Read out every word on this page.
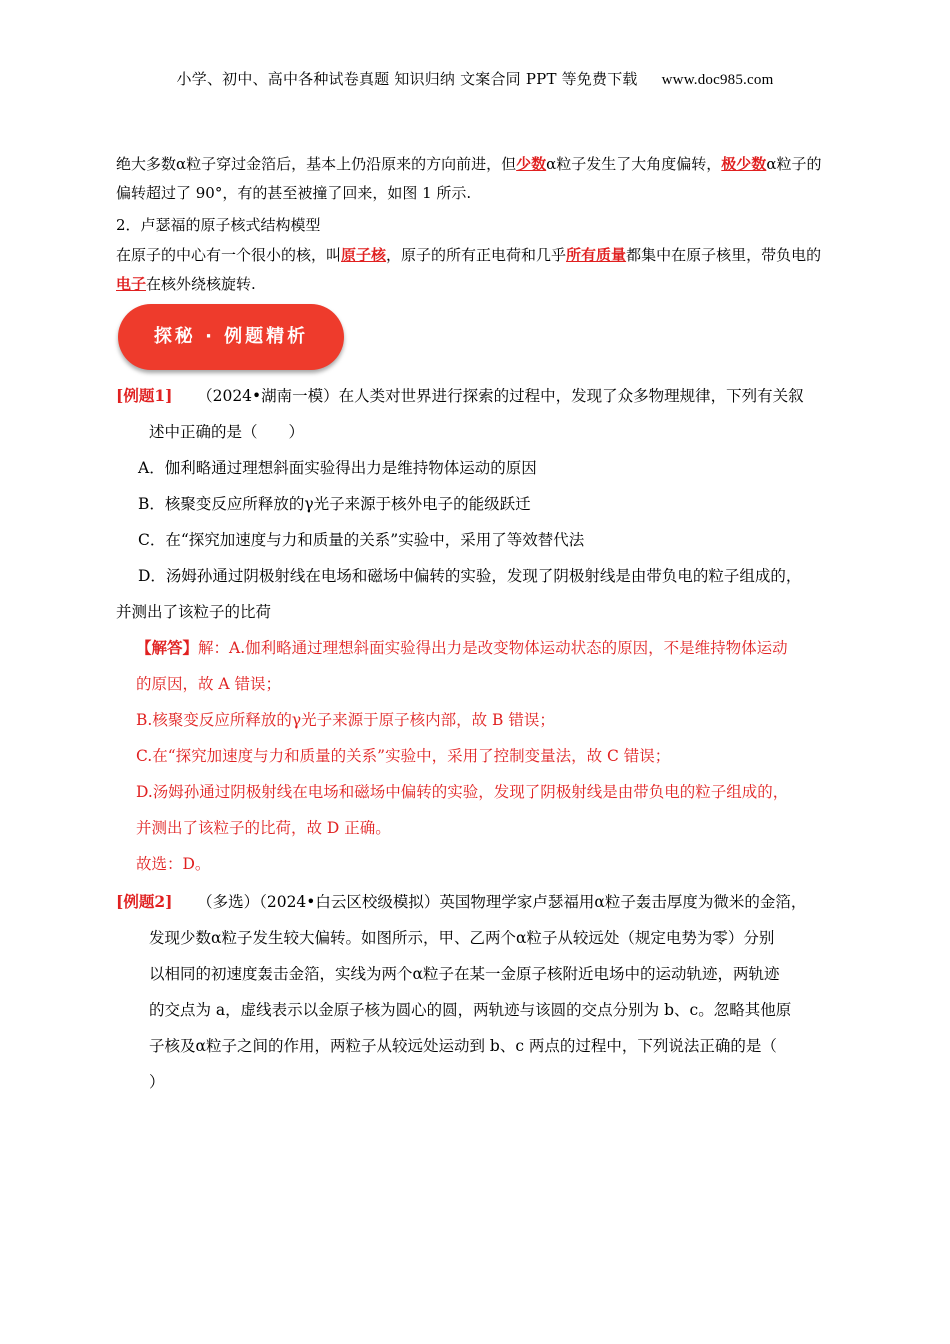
小学、初中、高中各种试卷真题 知识归纳 文案合同 PPT 等免费下载 www.doc985.com
绝大多数α粒子穿过金箔后，基本上仍沿原来的方向前进，但少数α粒子发生了大角度偏转，极少数α粒子的偏转超过了 90°，有的甚至被撞了回来，如图 1 所示.
2．卢瑟福的原子核式结构模型
在原子的中心有一个很小的核，叫原子核，原子的所有正电荷和几乎所有质量都集中在原子核里，带负电的电子在核外绕核旋转.
探秘 · 例题精析
[例题1] （2024•湖南一模）在人类对世界进行探索的过程中，发现了众多物理规律，下列有关叙
述中正确的是（　　）
A．伽利略通过理想斜面实验得出力是维持物体运动的原因
B．核聚变反应所释放的γ光子来源于核外电子的能级跃迁
C．在“探究加速度与力和质量的关系”实验中，采用了等效替代法
D．汤姆孙通过阴极射线在电场和磁场中偏转的实验，发现了阴极射线是由带负电的粒子组成的，
并测出了该粒子的比荷
【解答】解：A.伽利略通过理想斜面实验得出力是改变物体运动状态的原因，不是维持物体运动
的原因，故 A 错误；
B.核聚变反应所释放的γ光子来源于原子核内部，故 B 错误；
C.在“探究加速度与力和质量的关系”实验中，采用了控制变量法，故 C 错误；
D.汤姆孙通过阴极射线在电场和磁场中偏转的实验，发现了阴极射线是由带负电的粒子组成的，
并测出了该粒子的比荷，故 D 正确。
故选：D。
[例题2] （多选）（2024•白云区校级模拟）英国物理学家卢瑟福用α粒子轰击厚度为微米的金箔，
发现少数α粒子发生较大偏转。如图所示，甲、乙两个α粒子从较远处（规定电势为零）分别
以相同的初速度轰击金箔，实线为两个α粒子在某一金原子核附近电场中的运动轨迹，两轨迹
的交点为 a，虚线表示以金原子核为圆心的圆，两轨迹与该圆的交点分别为 b、c。忽略其他原
子核及α粒子之间的作用，两粒子从较远处运动到 b、c 两点的过程中，下列说法正确的是（
）
